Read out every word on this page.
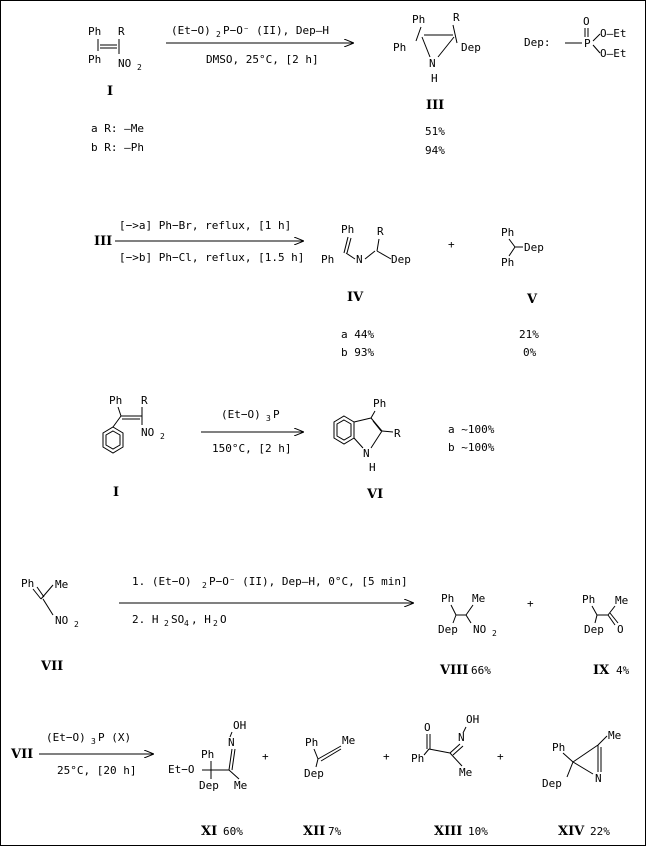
Ph R
Ph NO 2
I
a R: —Me
b R: —Ph
(Et−O) 2 P−O⁻ (II), Dep—H
DMSO, 25°C, [2 h]
Ph	R
Ph	Dep
N
H
III
51%
94%
Dep:
O
P
O—Et
O—Et
III
[−>a] Ph−Br, reflux, [1 h]
[−>b] Ph−Cl, reflux, [1.5 h]
Ph R
Ph N	Dep
IV
a 44%
b 93%
+
Ph
Dep
Ph
V
21%
0%
Ph R
NO 2
I
(Et−O) 3 P
150°C, [2 h]
Ph
R
N
H
VI
a ~100%
b ~100%
Ph Me
NO 2
VII
1. (Et−O) 2 P−O⁻ (II), Dep—H, 0°C, [5 min]
2. H 2 SO 4 , H 2 O
Ph Me
Dep NO 2
VIII 66%
+	Ph Me
Dep O
IX 4%
VII
(Et−O) 3 P (X)
25°C, [20 h]
OH
N
Ph
Et−O
Dep Me
XI 60%
+
Ph Me
Dep
XII 7%
+
O
OH
N
Ph
Me
XIII 10%
+
Ph
Me
Dep	N
XIV 22%
